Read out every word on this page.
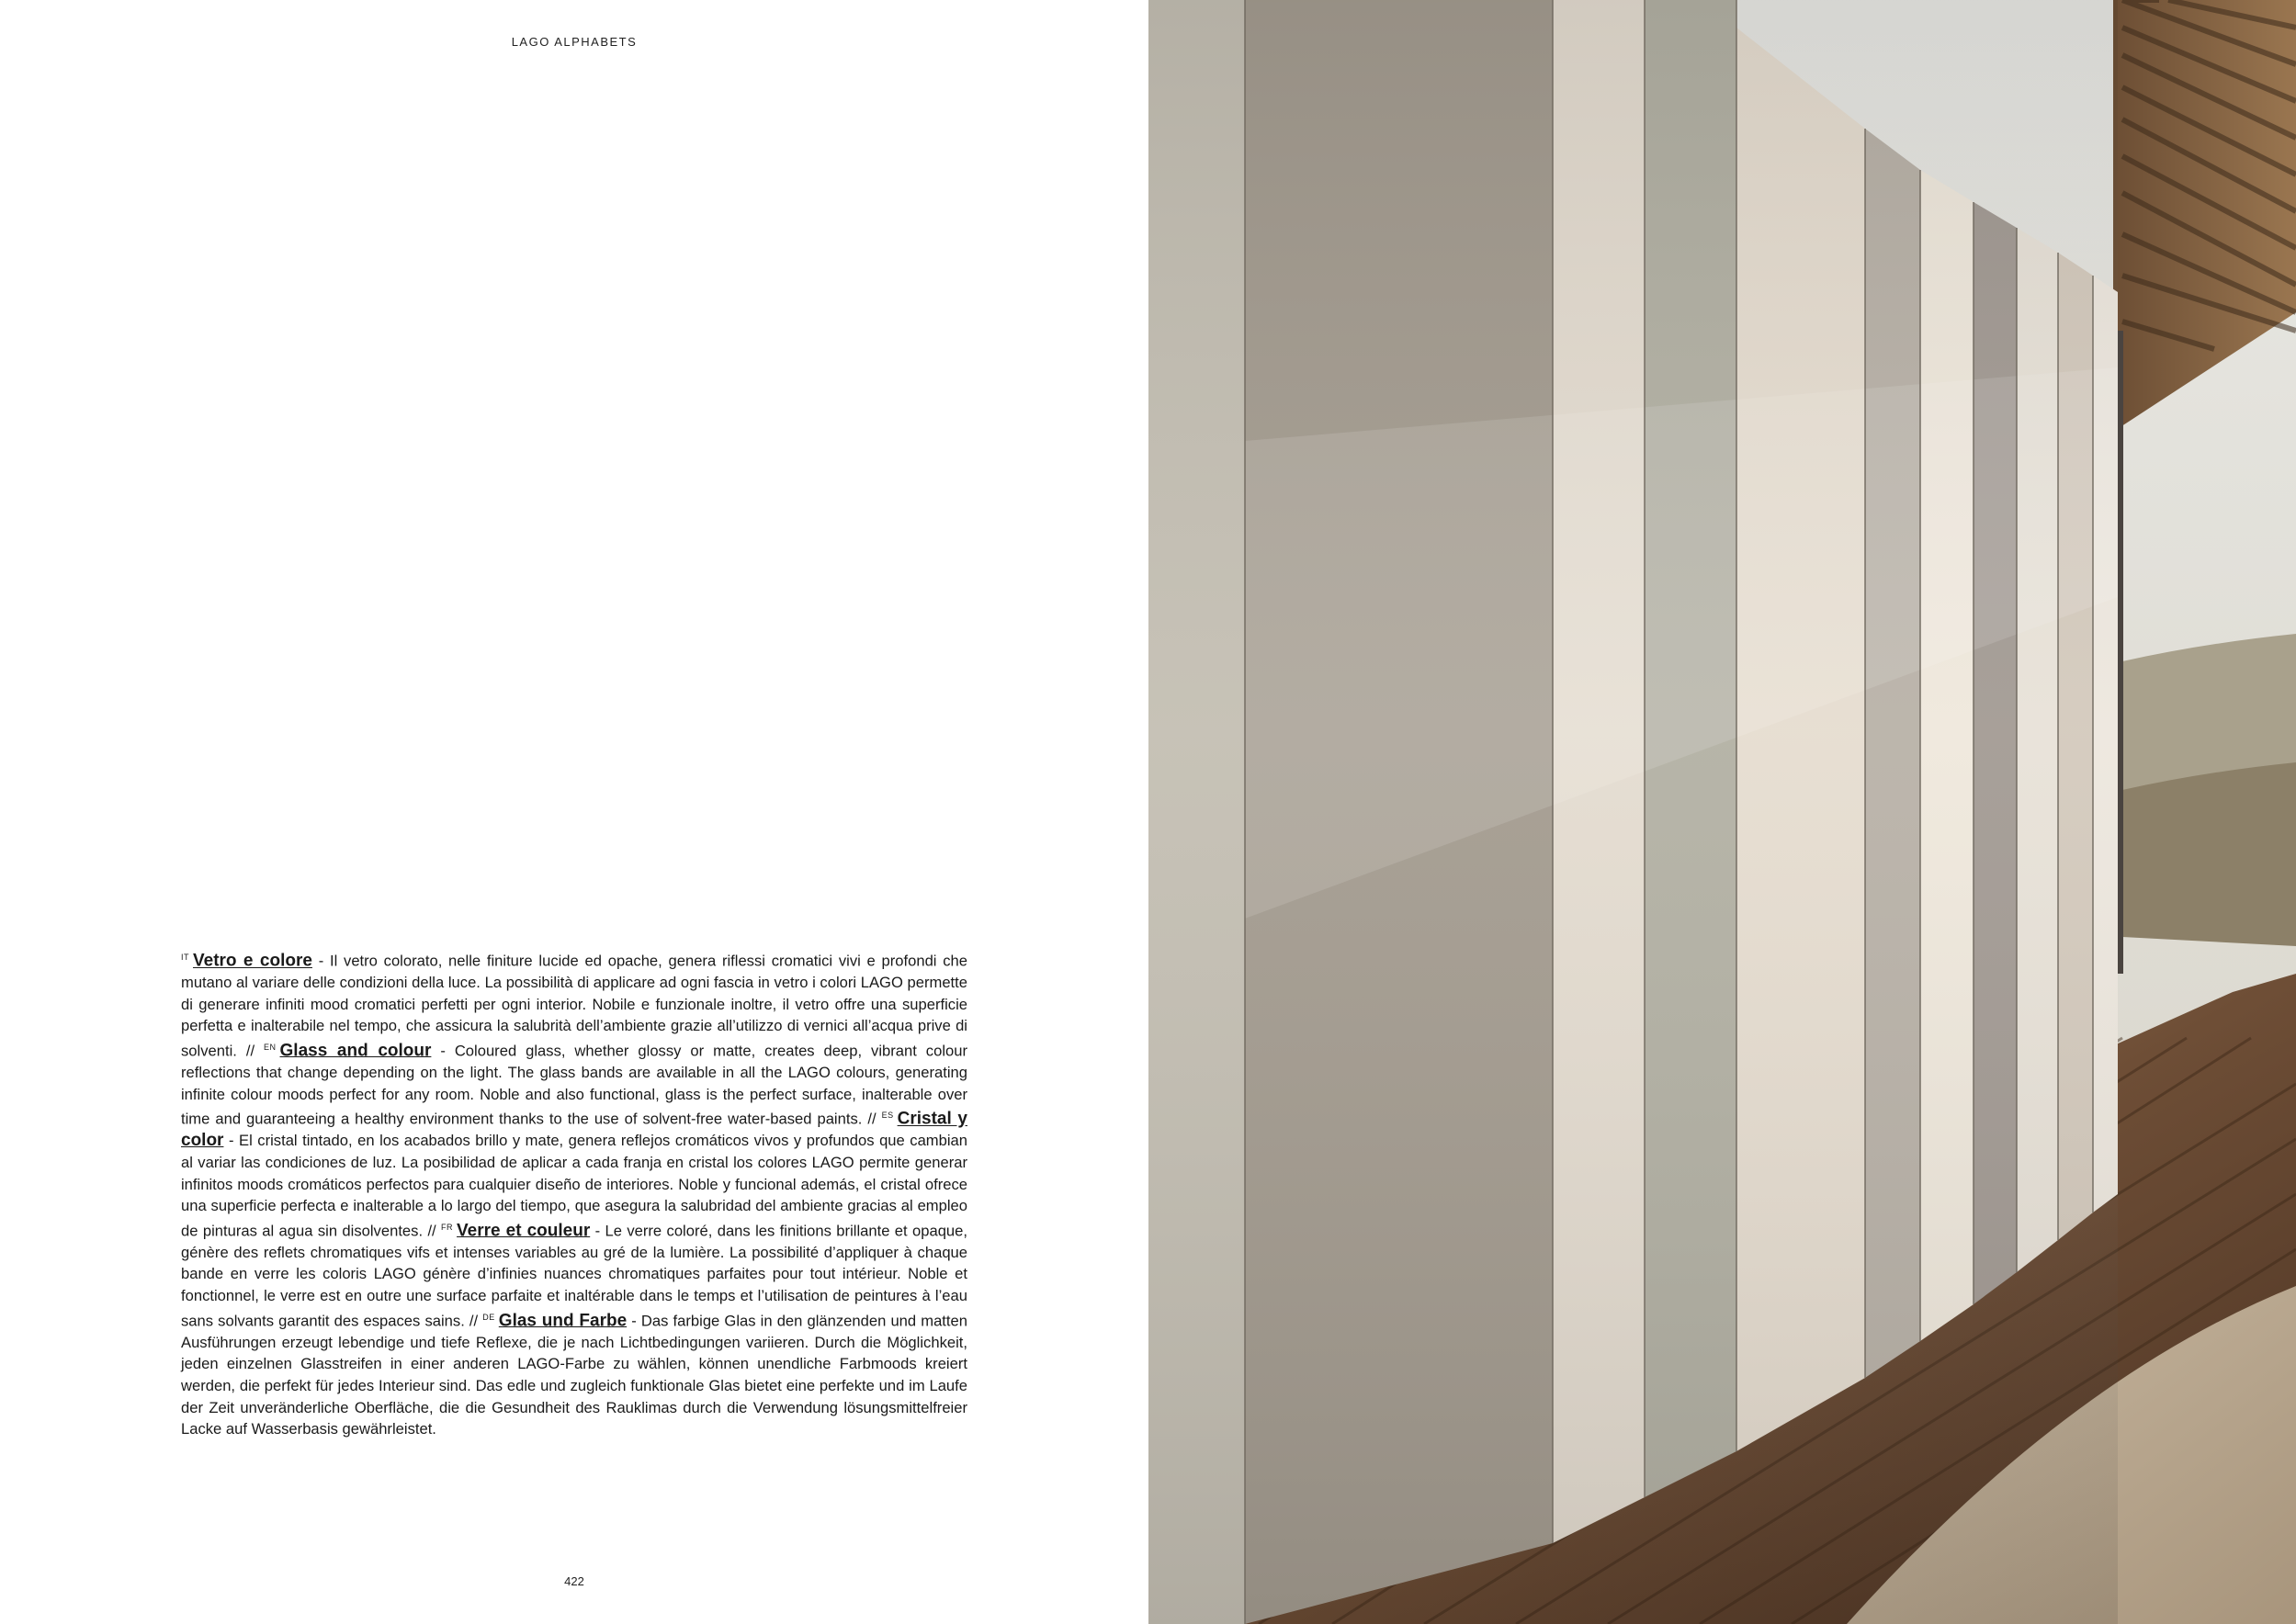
LAGO ALPHABETS
$^{IT}$ Vetro e colore - Il vetro colorato, nelle finiture lucide ed opache, genera riflessi cromatici vivi e profondi che mutano al variare delle condizioni della luce. La possibilità di applicare ad ogni fascia in vetro i colori LAGO permette di generare infiniti mood cromatici perfetti per ogni interior. Nobile e funzionale inoltre, il vetro offre una superficie perfetta e inalterabile nel tempo, che assicura la salubrità dell’ambiente grazie all’utilizzo di vernici all’acqua prive di solventi. // $^{EN}$ Glass and colour - Coloured glass, whether glossy or matte, creates deep, vibrant colour reflections that change depending on the light. The glass bands are available in all the LAGO colours, generating infinite colour moods perfect for any room. Noble and also functional, glass is the perfect surface, inalterable over time and guaranteeing a healthy environment thanks to the use of solvent-free water-based paints. // $^{ES}$ Cristal y color - El cristal tintado, en los acabados brillo y mate, genera reflejos cromáticos vivos y profundos que cambian al variar las condiciones de luz. La posibilidad de aplicar a cada franja en cristal los colores LAGO permite generar infinitos moods cromáticos perfectos para cualquier diseño de interiores. Noble y funcional además, el cristal ofrece una superficie perfecta e inalterable a lo largo del tiempo, que asegura la salubridad del ambiente gracias al empleo de pinturas al agua sin disolventes. // $^{FR}$ Verre et couleur - Le verre coloré, dans les finitions brillante et opaque, génère des reflets chromatiques vifs et intenses variables au gré de la lumière. La possibilité d’appliquer à chaque bande en verre les coloris LAGO génère d’infinies nuances chromatiques parfaites pour tout intérieur. Noble et fonctionnel, le verre est en outre une surface parfaite et inaltérable dans le temps et l’utilisation de peintures à l’eau sans solvants garantit des espaces sains. // $^{DE}$ Glas und Farbe - Das farbige Glas in den glänzenden und matten Ausführungen erzeugt lebendige und tiefe Reflexe, die je nach Lichtbedingungen variieren. Durch die Möglichkeit, jeden einzelnen Glasstreifen in einer anderen LAGO-Farbe zu wählen, können unendliche Farbmoods kreiert werden, die perfekt für jedes Interieur sind. Das edle und zugleich funktionale Glas bietet eine perfekte und im Laufe der Zeit unveränderliche Oberfläche, die die Gesundheit des Rauklimas durch die Verwendung lösungsmittelfreier Lacke auf Wasserbasis gewährleistet.
422
